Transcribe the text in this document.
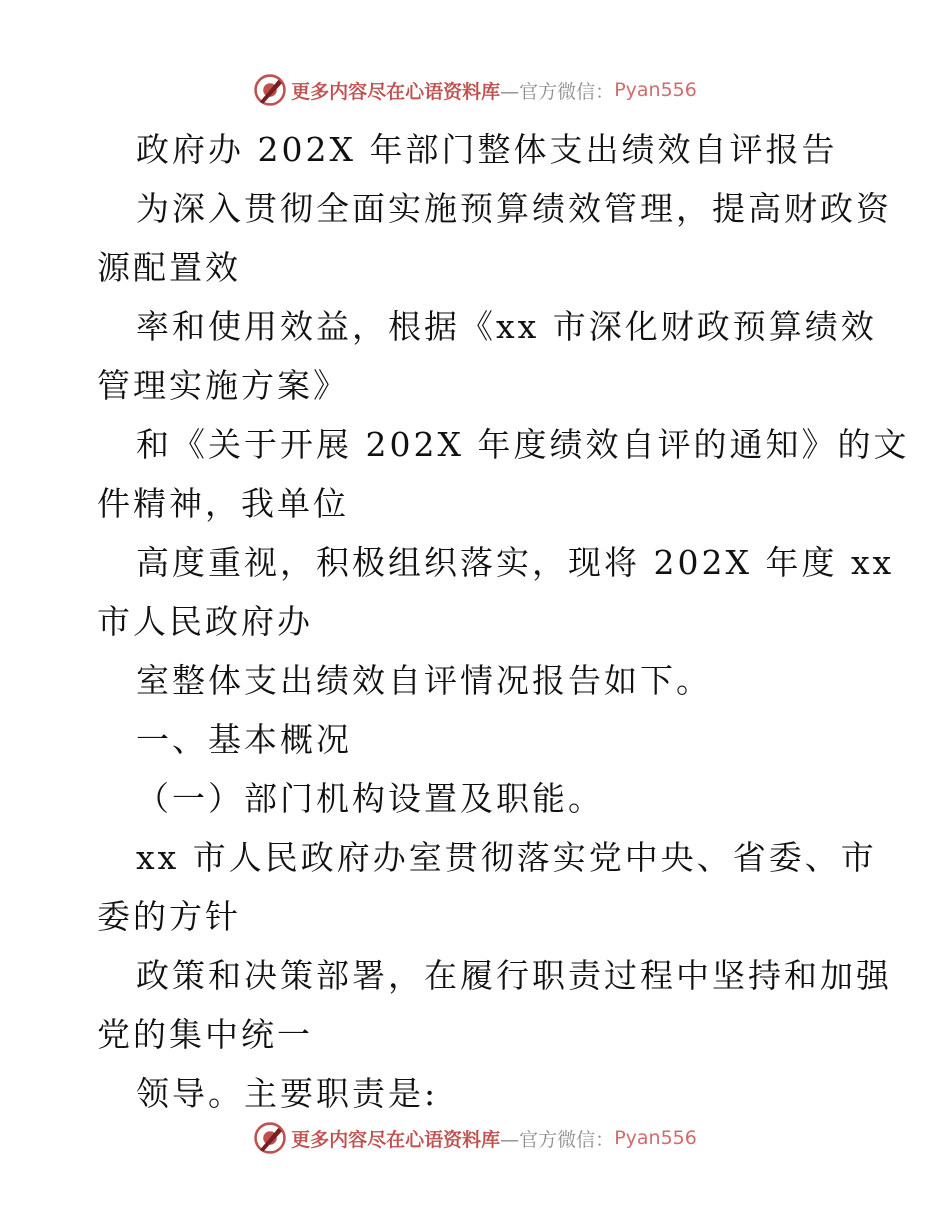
更多内容尽在心语资料库 —官方微信： Pyan556
政府办 202X 年部门整体支出绩效自评报告
为深入贯彻全面实施预算绩效管理，提高财政资
源配置效
率和使用效益，根据《xx 市深化财政预算绩效
管理实施方案》
和《关于开展 202X 年度绩效自评的通知》的文
件精神，我单位
高度重视，积极组织落实，现将 202X 年度 xx
市人民政府办
室整体支出绩效自评情况报告如下。
一、基本概况
（一）部门机构设置及职能。
xx 市人民政府办室贯彻落实党中央、省委、市
委的方针
政策和决策部署，在履行职责过程中坚持和加强
党的集中统一
领导。主要职责是:
更多内容尽在心语资料库 —官方微信： Pyan556
